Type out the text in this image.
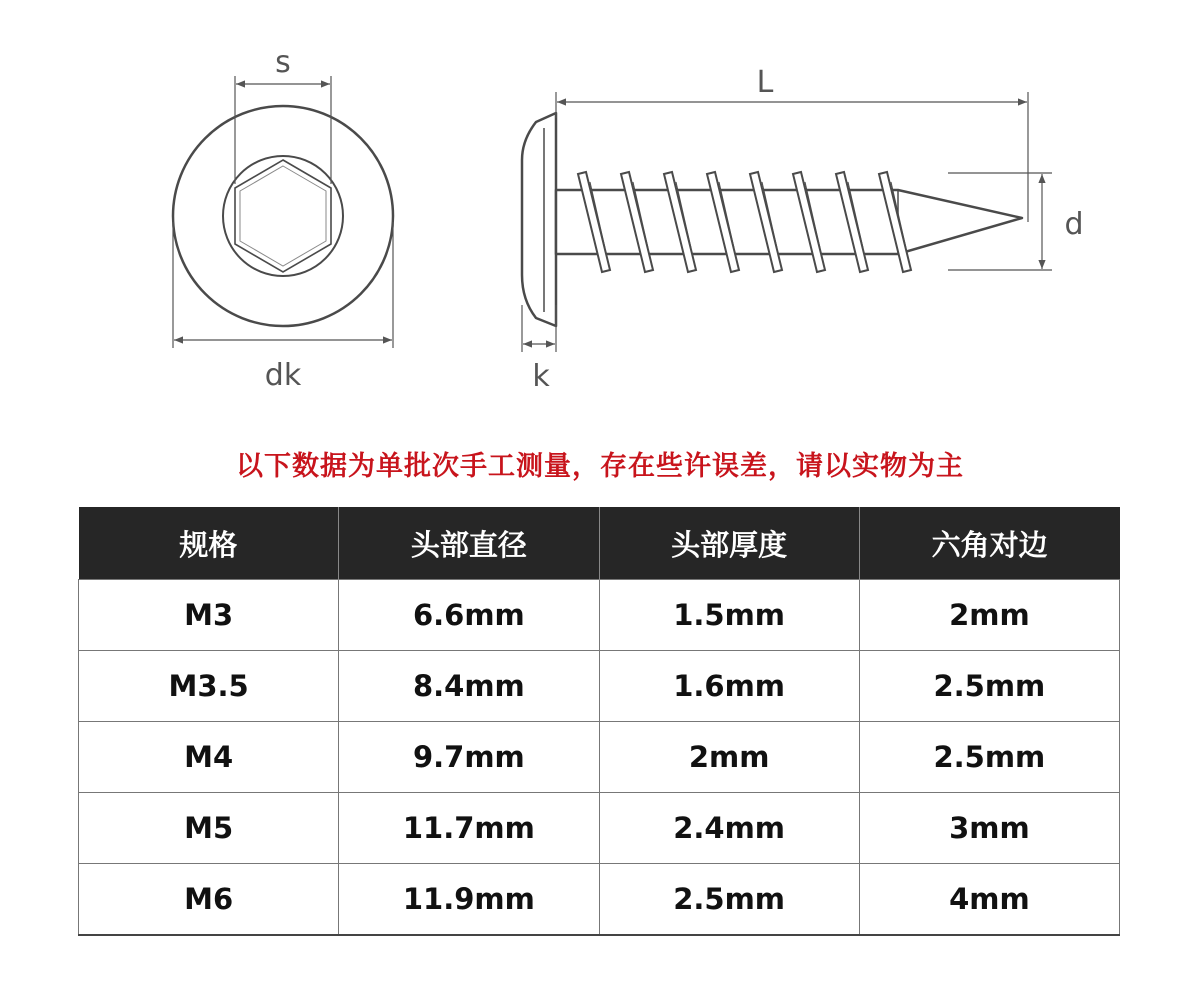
s
dk
L
d
k
以下数据为单批次手工测量，存在些许误差，请以实物为主
规格	头部直径	头部厚度	六角对边
M3	6.6mm	1.5mm	2mm
M3.5	8.4mm	1.6mm	2.5mm
M4	9.7mm	2mm	2.5mm
M5	11.7mm	2.4mm	3mm
M6	11.9mm	2.5mm	4mm
